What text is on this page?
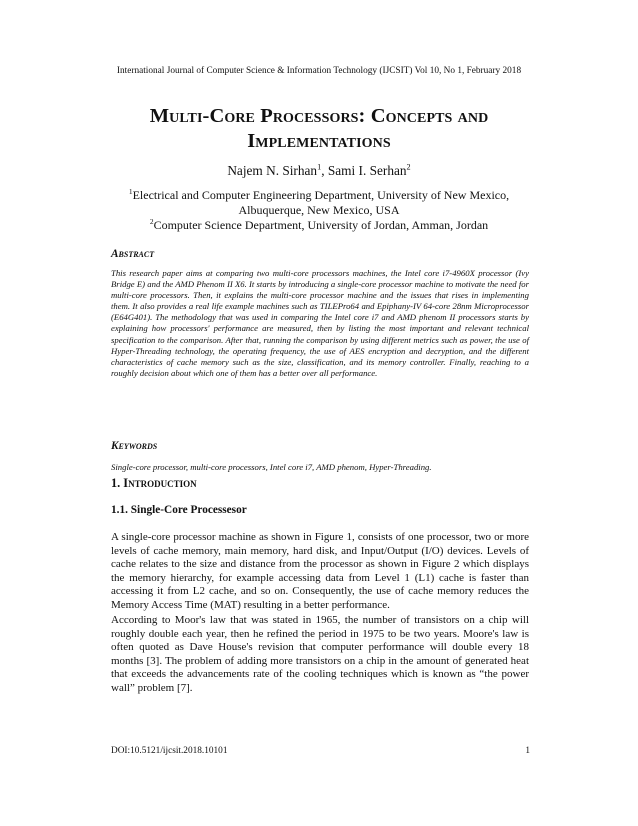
International Journal of Computer Science & Information Technology (IJCSIT) Vol 10, No 1, February 2018
Multi-Core Processors: Concepts and
Implementations
Najem N. Sirhan$^1$, Sami I. Serhan$^2$
$^1$Electrical and Computer Engineering Department, University of New Mexico,
Albuquerque, New Mexico, USA
$^2$Computer Science Department, University of Jordan, Amman, Jordan
Abstract

This research paper aims at comparing two multi-core processors machines, the Intel core i7-4960X processor (Ivy Bridge E) and the AMD Phenom II X6. It starts by introducing a single-core processor machine to motivate the need for multi-core processors. Then, it explains the multi-core processor machine and the issues that rises in implementing them. It also provides a real life example machines such as TILEPro64 and Epiphany-IV 64-core 28nm Microprocessor (E64G401). The methodology that was used in comparing the Intel core i7 and AMD phenom II processors starts by explaining how processors' performance are measured, then by listing the most important and relevant technical specification to the comparison. After that, running the comparison by using different metrics such as power, the use of Hyper-Threading technology, the operating frequency, the use of AES encryption and decryption, and the different characteristics of cache memory such as the size, classification, and its memory controller. Finally, reaching to a roughly decision about which one of them has a better over all performance.

Keywords

Single-core processor, multi-core processors, Intel core i7, AMD phenom, Hyper-Threading.

1. Introduction
1.1. Single-Core Processesor

A single-core processor machine as shown in Figure 1, consists of one processor, two or more levels of cache memory, main memory, hard disk, and Input/Output (I/O) devices. Levels of cache relates to the size and distance from the processor as shown in Figure 2 which displays the memory hierarchy, for example accessing data from Level 1 (L1) cache is faster than accessing it from L2 cache, and so on. Consequently, the use of cache memory reduces the Memory Access Time (MAT) resulting in a better performance.

According to Moor's law that was stated in 1965, the number of transistors on a chip will roughly double each year, then he refined the period in 1975 to be two years. Moore's law is often quoted as Dave House's revision that computer performance will double every 18 months [3]. The problem of adding more transistors on a chip in the amount of generated heat that exceeds the advancements rate of the cooling techniques which is known as “the power wall” problem [7].

DOI:10.5121/ijcsit.2018.10101	1
